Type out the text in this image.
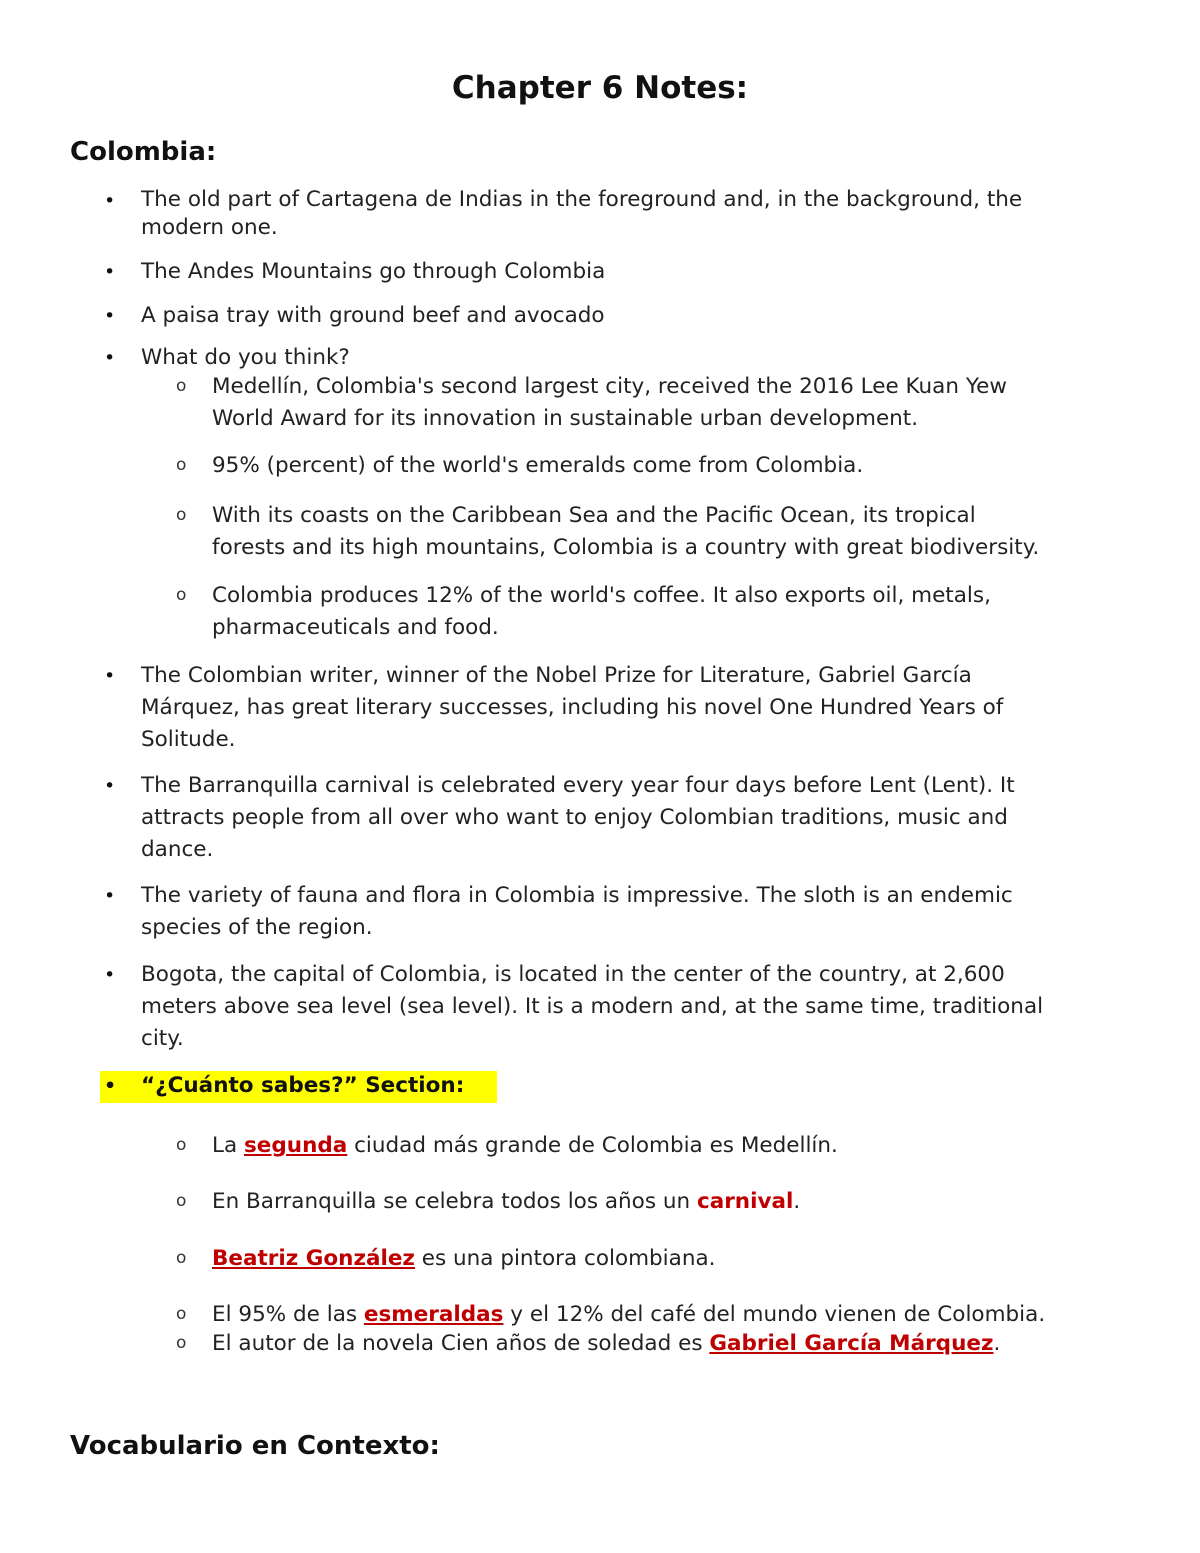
Chapter 6 Notes:
Colombia:
• The old part of Cartagena de Indias in the foreground and, in the background, the
modern one.
• The Andes Mountains go through Colombia
• A paisa tray with ground beef and avocado
• What do you think?
o Medellín, Colombia's second largest city, received the 2016 Lee Kuan Yew
World Award for its innovation in sustainable urban development.
o 95% (percent) of the world's emeralds come from Colombia.
o With its coasts on the Caribbean Sea and the Pacific Ocean, its tropical
forests and its high mountains, Colombia is a country with great biodiversity.
o Colombia produces 12% of the world's coffee. It also exports oil, metals,
pharmaceuticals and food.
• The Colombian writer, winner of the Nobel Prize for Literature, Gabriel García
Márquez, has great literary successes, including his novel One Hundred Years of
Solitude.
• The Barranquilla carnival is celebrated every year four days before Lent (Lent). It
attracts people from all over who want to enjoy Colombian traditions, music and
dance.
• The variety of fauna and flora in Colombia is impressive. The sloth is an endemic
species of the region.
• Bogota, the capital of Colombia, is located in the center of the country, at 2,600
meters above sea level (sea level). It is a modern and, at the same time, traditional
city.
• “¿Cuánto sabes?” Section:
o La segunda ciudad más grande de Colombia es Medellín.
o En Barranquilla se celebra todos los años un carnival.
o Beatriz González es una pintora colombiana.
o El 95% de las esmeraldas y el 12% del café del mundo vienen de Colombia.
o El autor de la novela Cien años de soledad es Gabriel García Márquez.
Vocabulario en Contexto:
